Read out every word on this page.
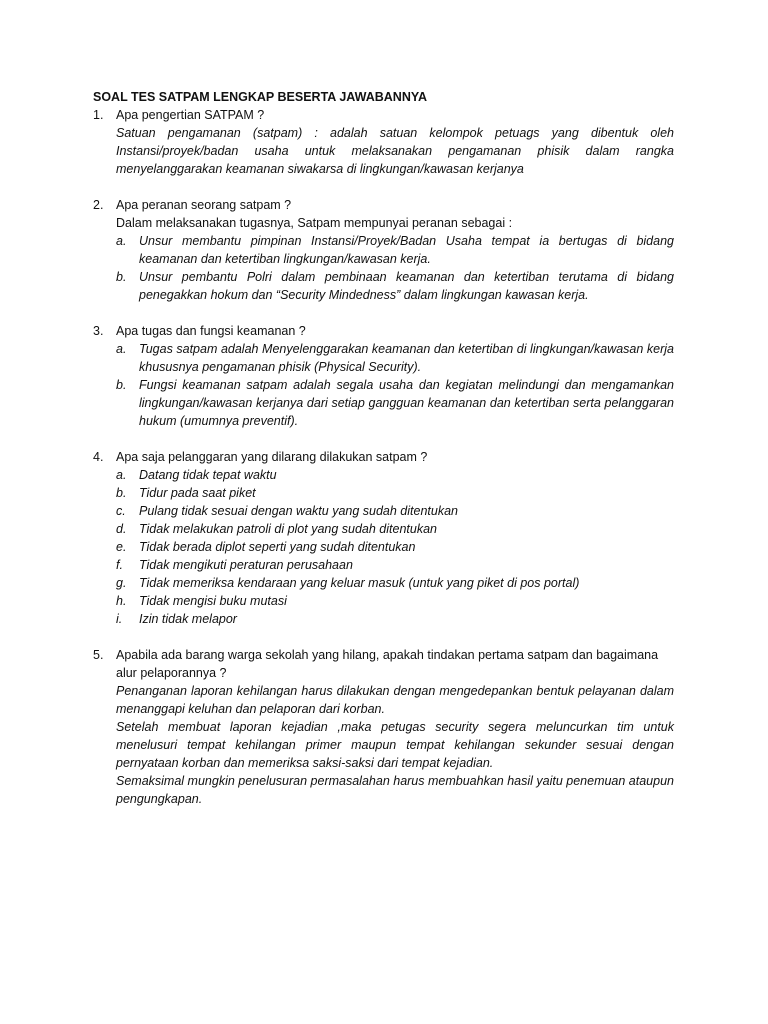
SOAL TES SATPAM LENGKAP BESERTA JAWABANNYA

1.	Apa pengertian SATPAM ?
Satuan pengamanan (satpam) : adalah satuan kelompok petuags yang dibentuk oleh Instansi/proyek/badan usaha untuk melaksanakan pengamanan phisik dalam rangka menyelanggarakan keamanan siwakarsa di lingkungan/kawasan kerjanya
2.	Apa peranan seorang satpam ?
Dalam melaksanakan tugasnya, Satpam mempunyai peranan sebagai :
a.	Unsur membantu pimpinan Instansi/Proyek/Badan Usaha tempat ia bertugas di bidang keamanan dan ketertiban lingkungan/kawasan kerja.
b.	Unsur pembantu Polri dalam pembinaan keamanan dan ketertiban terutama di bidang penegakkan hokum dan “Security Mindedness” dalam lingkungan kawasan kerja.
3.	Apa tugas dan fungsi keamanan ?
a.	Tugas satpam adalah Menyelenggarakan keamanan dan ketertiban di lingkungan/kawasan kerja khususnya pengamanan phisik (Physical Security).
b.	Fungsi keamanan satpam adalah segala usaha dan kegiatan melindungi dan mengamankan lingkungan/kawasan kerjanya dari setiap gangguan keamanan dan ketertiban serta pelanggaran hukum (umumnya preventif).
4.	Apa saja pelanggaran yang dilarang dilakukan satpam ?
a.	Datang tidak tepat waktu
b.	Tidur pada saat piket
c.	Pulang tidak sesuai dengan waktu yang sudah ditentukan
d.	Tidak melakukan patroli di plot yang sudah ditentukan
e.	Tidak berada diplot seperti yang sudah ditentukan
f.	Tidak mengikuti peraturan perusahaan
g.	Tidak memeriksa kendaraan yang keluar masuk (untuk yang piket di pos portal)
h.	Tidak mengisi buku mutasi
i.	Izin tidak melapor
5.	Apabila ada barang warga sekolah yang hilang, apakah tindakan pertama satpam dan bagaimana alur pelaporannya ?
Penanganan laporan kehilangan harus dilakukan dengan mengedepankan bentuk pelayanan dalam menanggapi keluhan dan pelaporan dari korban.
Setelah membuat laporan kejadian ,maka petugas security segera meluncurkan tim untuk menelusuri tempat kehilangan primer maupun tempat kehilangan sekunder sesuai dengan pernyataan korban dan memeriksa saksi-saksi dari tempat kejadian.
Semaksimal mungkin penelusuran permasalahan harus membuahkan hasil yaitu penemuan ataupun pengungkapan.
